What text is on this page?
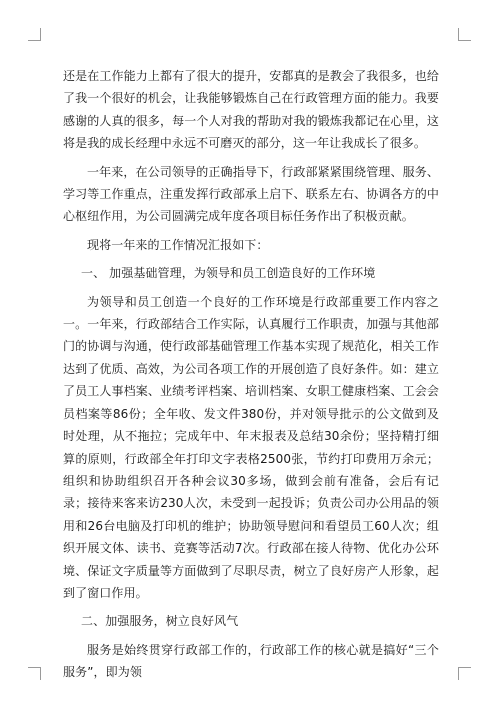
还是在工作能力上都有了很大的提升，安都真的是教会了我很多，也给了我一个很好的机会，让我能够锻炼自己在行政管理方面的能力。我要感谢的人真的很多，每一个人对我的帮助对我的锻炼我都记在心里，这将是我的成长经理中永远不可磨灭的部分，这一年让我成长了很多。

一年来，在公司领导的正确指导下，行政部紧紧围绕管理、服务、学习等工作重点，注重发挥行政部承上启下、联系左右、协调各方的中心枢纽作用，为公司圆满完成年度各项目标任务作出了积极贡献。

现将一年来的工作情况汇报如下：

一、 加强基础管理，为领导和员工创造良好的工作环境

为领导和员工创造一个良好的工作环境是行政部重要工作内容之一。一年来，行政部结合工作实际，认真履行工作职责，加强与其他部门的协调与沟通，使行政部基础管理工作基本实现了规范化，相关工作达到了优质、高效，为公司各项工作的开展创造了良好条件。如：建立了员工人事档案、业绩考评档案、培训档案、女职工健康档案、工会会员档案等86份；全年收、发文件380份，并对领导批示的公文做到及时处理，从不拖拉；完成年中、年末报表及总结30余份；坚持精打细算的原则，行政部全年打印文字表格2500张，节约打印费用万余元；组织和协助组织召开各种会议30多场，做到会前有准备，会后有记录；接待来客来访230人次，未受到一起投诉；负责公司办公用品的领用和26台电脑及打印机的维护；协助领导慰问和看望员工60人次；组织开展文体、读书、竞赛等活动7次。行政部在接人待物、优化办公环境、保证文字质量等方面做到了尽职尽责，树立了良好房产人形象，起到了窗口作用。

二、加强服务，树立良好风气

服务是始终贯穿行政部工作的，行政部工作的核心就是搞好“三个服务”，即为领
